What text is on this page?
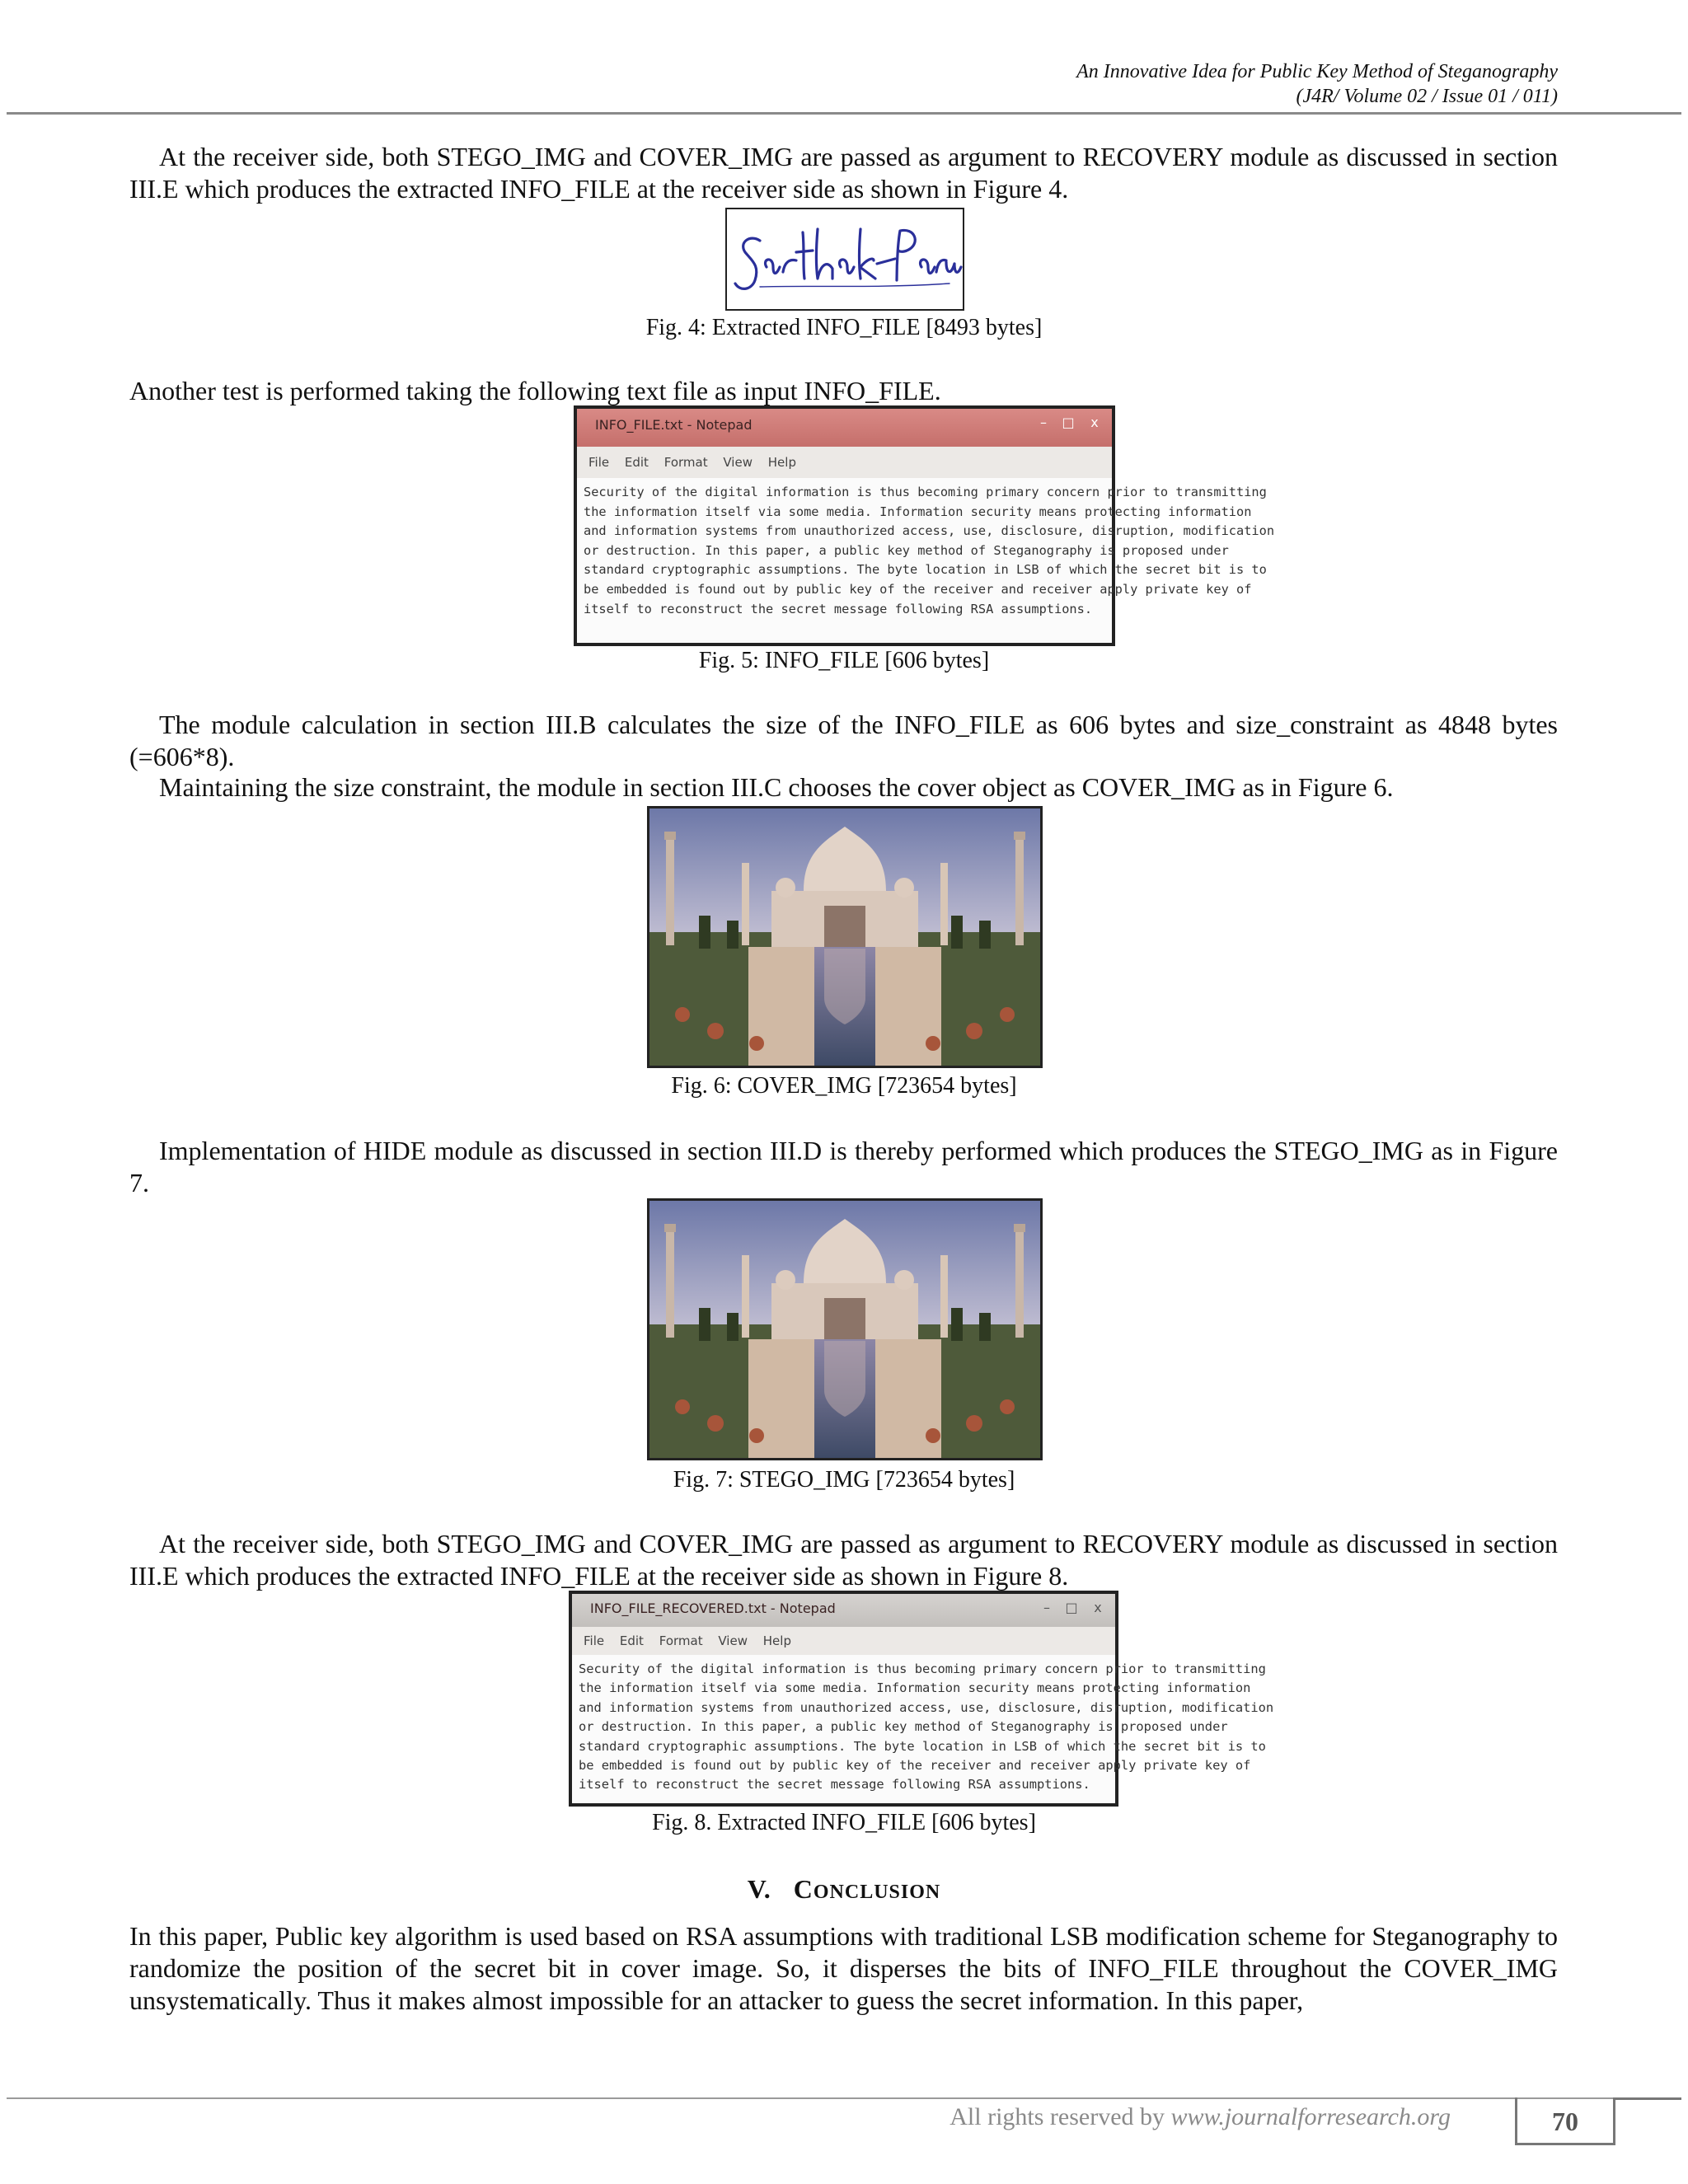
An Innovative Idea for Public Key Method of Steganography
(J4R/ Volume 02 / Issue 01 / 011)

At the receiver side, both STEGO_IMG and COVER_IMG are passed as argument to RECOVERY module as discussed in section III.E which produces the extracted INFO_FILE at the receiver side as shown in Figure 4.

Fig. 4: Extracted INFO_FILE [8493 bytes]

Another test is performed taking the following text file as input INFO_FILE.

INFO_FILE.txt - Notepad	–	□	x
File Edit Format View Help
Security of the digital information is thus becoming primary concern prior to transmitting
the information itself via some media. Information security means protecting information
and information systems from unauthorized access, use, disclosure, disruption, modification
or destruction. In this paper, a public key method of Steganography is proposed under
standard cryptographic assumptions. The byte location in LSB of which the secret bit is to
be embedded is found out by public key of the receiver and receiver apply private key of
itself to reconstruct the secret message following RSA assumptions.
Fig. 5: INFO_FILE [606 bytes]

The module calculation in section III.B calculates the size of the INFO_FILE as 606 bytes and size_constraint as 4848 bytes (=606*8).

Maintaining the size constraint, the module in section III.C chooses the cover object as COVER_IMG as in Figure 6.

Fig. 6: COVER_IMG [723654 bytes]

Implementation of HIDE module as discussed in section III.D is thereby performed which produces the STEGO_IMG as in Figure 7.

Fig. 7: STEGO_IMG [723654 bytes]

At the receiver side, both STEGO_IMG and COVER_IMG are passed as argument to RECOVERY module as discussed in section III.E which produces the extracted INFO_FILE at the receiver side as shown in Figure 8.

INFO_FILE_RECOVERED.txt - Notepad	–	□	x
File Edit Format View Help
Security of the digital information is thus becoming primary concern prior to transmitting
the information itself via some media. Information security means protecting information
and information systems from unauthorized access, use, disclosure, disruption, modification
or destruction. In this paper, a public key method of Steganography is proposed under
standard cryptographic assumptions. The byte location in LSB of which the secret bit is to
be embedded is found out by public key of the receiver and receiver apply private key of
itself to reconstruct the secret message following RSA assumptions.
Fig. 8. Extracted INFO_FILE [606 bytes]
V. CONCLUSION

In this paper, Public key algorithm is used based on RSA assumptions with traditional LSB modification scheme for Steganography to randomize the position of the secret bit in cover image. So, it disperses the bits of INFO_FILE throughout the COVER_IMG unsystematically. Thus it makes almost impossible for an attacker to guess the secret information. In this paper,

All rights reserved by www.journalforresearch.org	70
